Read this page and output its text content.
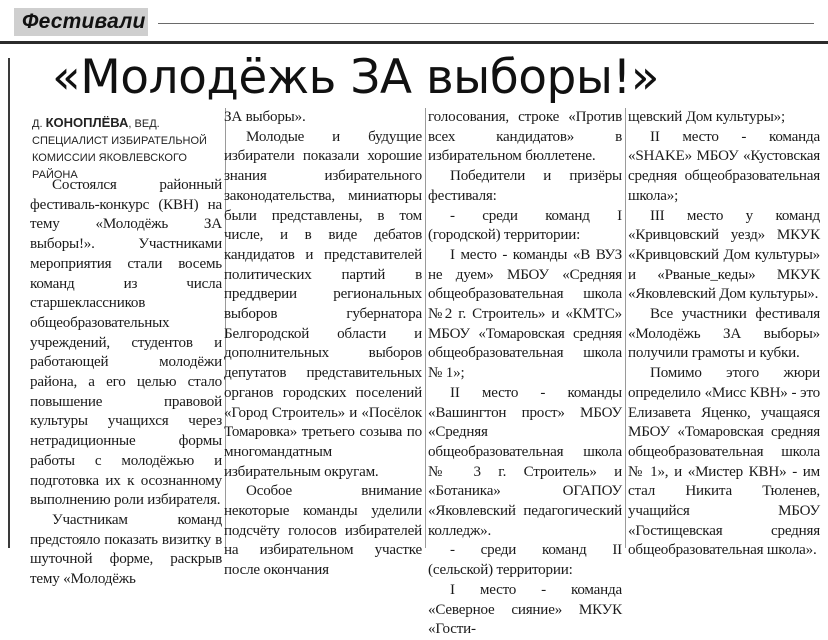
Фестивали
«Молодёжь ЗА выборы!»
Д. КОНОПЛЁВА, ВЕД. СПЕЦИАЛИСТ ИЗБИРАТЕЛЬНОЙ КОМИССИИ ЯКОВЛЕВСКОГО РАЙОНА

Состоялся районный фестиваль-конкурс (КВН) на тему «Молодёжь ЗА выборы!». Участниками мероприятия стали восемь команд из числа старшеклассников общеобразовательных учреждений, студентов и работающей молодёжи района, а его целью стало повышение правовой культуры учащихся через нетрадиционные формы работы с молодёжью и подготовка их к осознанному выполнению роли избирателя.

Участникам команд предстояло показать визитку в шуточной форме, раскрыв тему «Молодёжь

ЗА выборы».

Молодые и будущие избиратели показали хорошие знания избирательного законодательства, миниатюры были представлены, в том числе, и в виде дебатов кандидатов и представителей политических партий в преддверии региональных выборов губернатора Белгородской области и дополнительных выборов депутатов представительных органов городских поселений «Город Строитель» и «Посёлок Томаровка» третьего созыва по многомандатным избирательным округам.

Особое внимание некоторые команды уделили подсчёту голосов избирателей на избирательном участке после окончания

голосования, строке «Против всех кандидатов» в избирательном бюллетене.

Победители и призёры фестиваля:

- среди команд I (городской) территории:

I место - команды «В ВУЗ не дуем» МБОУ «Средняя общеобразовательная школа №2 г. Строитель» и «КМТС» МБОУ «Томаровская средняя общеобразовательная школа № 1»;

II место - команды «Вашингтон прост» МБОУ «Средняя общеобразовательная школа № 3 г. Строитель» и «Ботаника» ОГАПОУ «Яковлевский педагогический колледж».

- среди команд II (сельской) территории:

I место - команда «Северное сияние» МКУК «Гости-

щевский Дом культуры»;

II место - команда «SHAKE» МБОУ «Кустовская средняя общеобразовательная школа»;

III место у команд «Кривцовский уезд» МКУК «Кривцовский Дом культуры» и «Рваные_кеды» МКУК «Яковлевский Дом культуры».

Все участники фестиваля «Молодёжь ЗА выборы» получили грамоты и кубки.

Помимо этого жюри определило «Мисс КВН» - это Елизавета Яценко, учащаяся МБОУ «Томаровская средняя общеобразовательная школа № 1», и «Мистер КВН» - им стал Никита Тюленев, учащийся МБОУ «Гостищевская средняя общеобразовательная школа».
